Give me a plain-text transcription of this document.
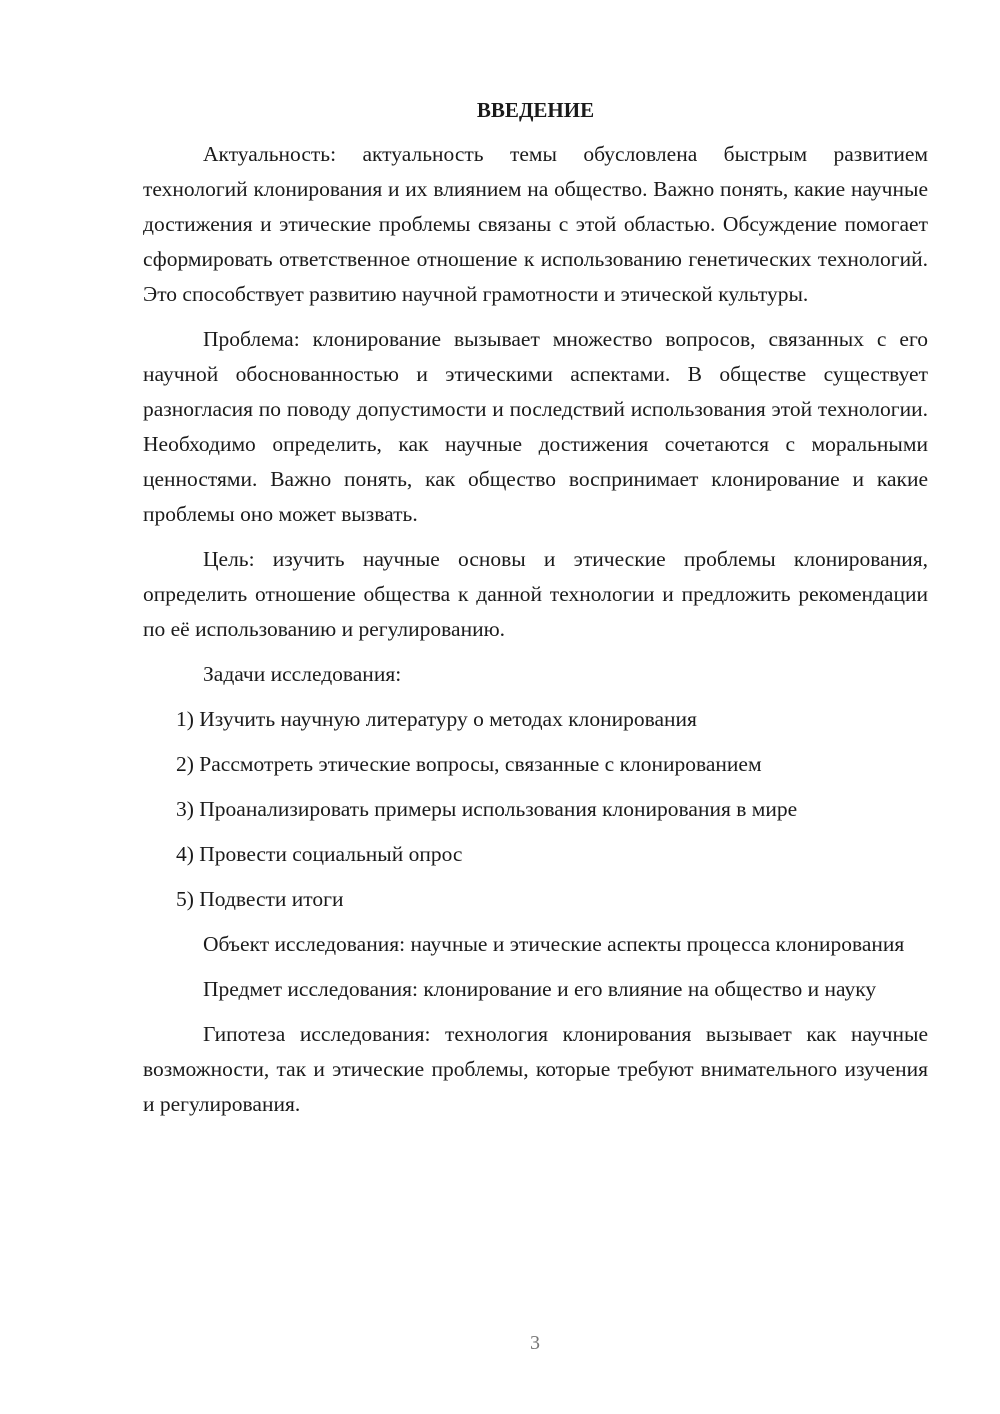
ВВЕДЕНИЕ

Актуальность: актуальность темы обусловлена быстрым развитием технологий клонирования и их влиянием на общество. Важно понять, какие научные достижения и этические проблемы связаны с этой областью. Обсуждение помогает сформировать ответственное отношение к использованию генетических технологий. Это способствует развитию научной грамотности и этической культуры.

Проблема: клонирование вызывает множество вопросов, связанных с его научной обоснованностью и этическими аспектами. В обществе существует разногласия по поводу допустимости и последствий использования этой технологии. Необходимо определить, как научные достижения сочетаются с моральными ценностями. Важно понять, как общество воспринимает клонирование и какие проблемы оно может вызвать.

Цель: изучить научные основы и этические проблемы клонирования, определить отношение общества к данной технологии и предложить рекомендации по её использованию и регулированию.

Задачи исследования:

1) Изучить научную литературу о методах клонирования

2) Рассмотреть этические вопросы, связанные с клонированием

3) Проанализировать примеры использования клонирования в мире

4) Провести социальный опрос

5) Подвести итоги

Объект исследования: научные и этические аспекты процесса клонирования

Предмет исследования: клонирование и его влияние на общество и науку

Гипотеза исследования: технология клонирования вызывает как научные возможности, так и этические проблемы, которые требуют внимательного изучения и регулирования.

3
